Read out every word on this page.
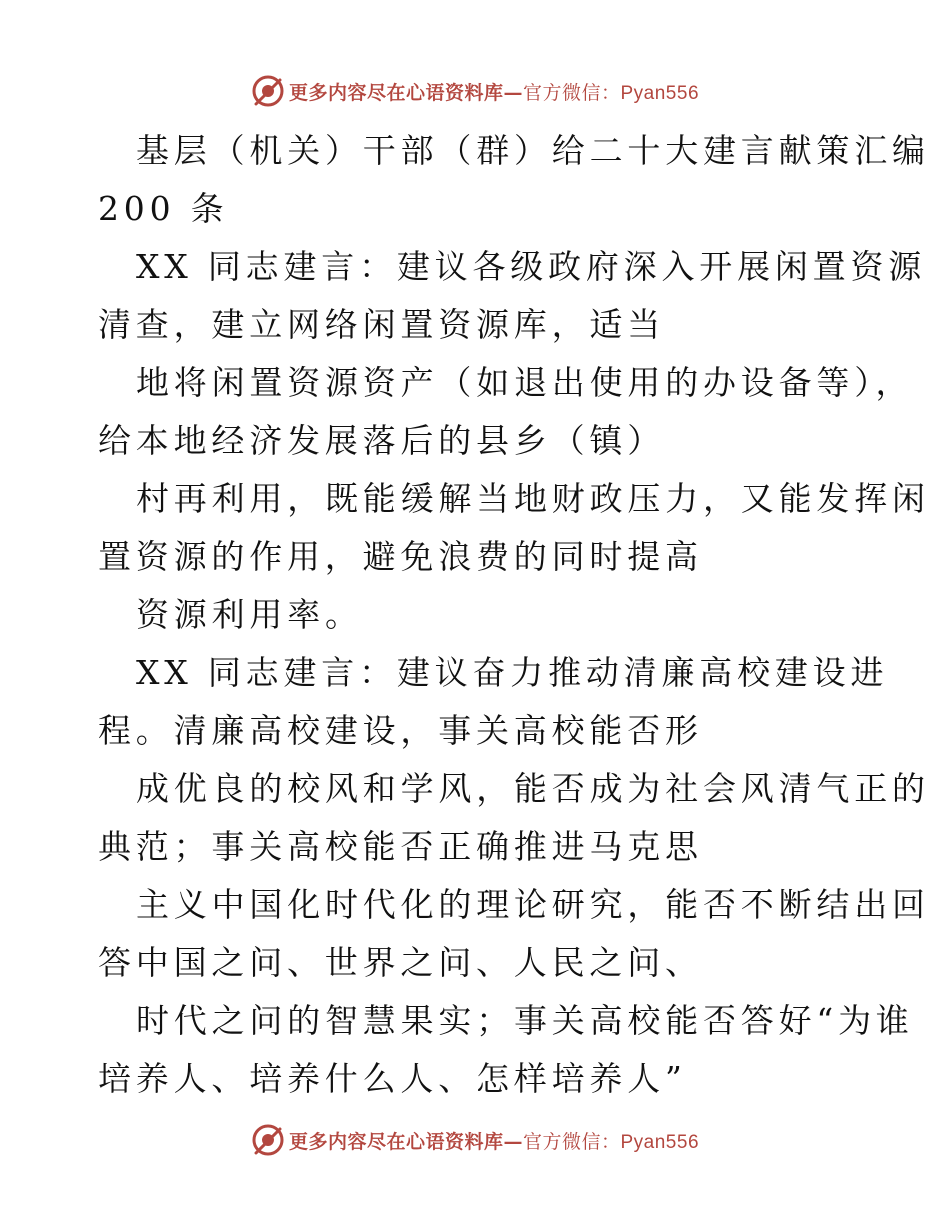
更多内容尽在心语资料库—官方微信：Pyan556
基层（机关）干部（群）给二十大建言献策汇编
200 条
XX 同志建言：建议各级政府深入开展闲置资源
清查，建立网络闲置资源库，适当
地将闲置资源资产（如退出使用的办设备等），
给本地经济发展落后的县乡（镇）
村再利用，既能缓解当地财政压力，又能发挥闲
置资源的作用，避免浪费的同时提高
资源利用率。
XX 同志建言：建议奋力推动清廉高校建设进
程。清廉高校建设，事关高校能否形
成优良的校风和学风，能否成为社会风清气正的
典范；事关高校能否正确推进马克思
主义中国化时代化的理论研究，能否不断结出回
答中国之问、世界之问、人民之问、
时代之问的智慧果实；事关高校能否答好“为谁
培养人、培养什么人、怎样培养人”
更多内容尽在心语资料库—官方微信：Pyan556
